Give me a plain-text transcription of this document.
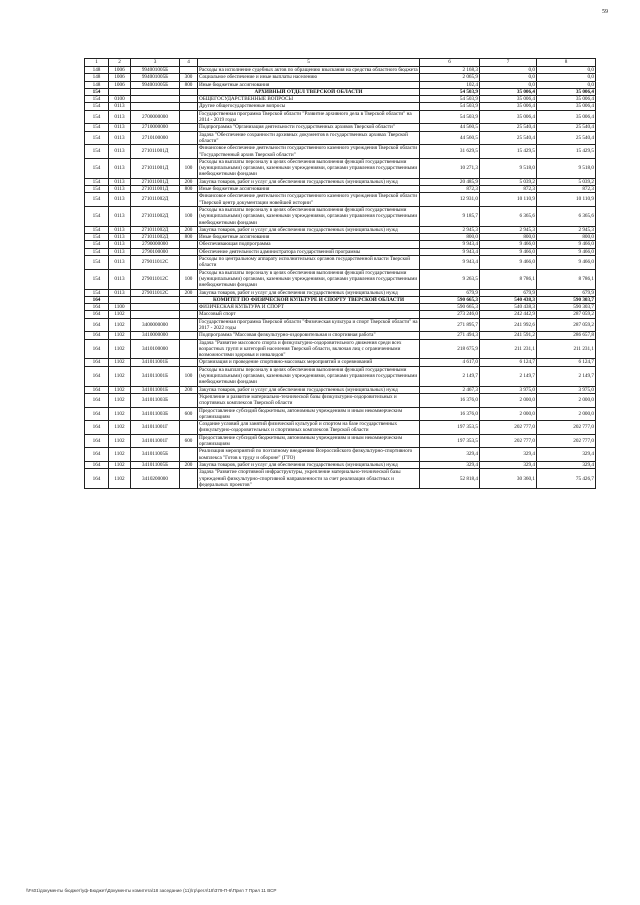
59
1	2	3	4	5	6	7	8
148	1006	994001005Б		Расходы на исполнение судебных актов по обращению взыскания на средства областного бюджета	2 168,3	0,0	0,0
148	1006	994001005Б	300	Социальное обеспечение и иные выплаты населению	2 065,9	0,0	0,0
148	1006	994001005Б	800	Иные бюджетные ассигнования	102,4	0,0	0,0
154				АРХИВНЫЙ ОТДЕЛ ТВЕРСКОЙ ОБЛАСТИ	54 503,9	35 006,4	35 006,4
154	0100			ОБЩЕГОСУДАРСТВЕННЫЕ ВОПРОСЫ	54 503,9	35 006,4	35 006,4
154	0113			Другие общегосударственные вопросы	54 503,9	35 006,4	35 006,4
154	0113	2700000000		Государственная программа Тверской области "Развитие архивного дела в Тверской области" на 2014 - 2019 годы	54 503,9	35 006,4	35 006,4
154	0113	2710000000		Подпрограмма "Организация деятельности государственных архивов Тверской области"	44 560,5	25 540,4	25 540,4
154	0113	2710100000		Задача "Обеспечение сохранности архивных документов в государственных архивах Тверской области"	44 560,5	25 540,4	25 540,4
154	0113	271011001Д		Финансовое обеспечение деятельности государственного казенного учреждения Тверской области "Государственный архив Тверской области"	31 629,5	15 429,5	15 429,5
154	0113	271011001Д	100	Расходы на выплаты персоналу в целях обеспечения выполнения функций государственными (муниципальными) органами, казенными учреждениями, органами управления государственными внебюджетными фондами	10 271,3	9 518,0	9 518,0
154	0113	271011001Д	200	Закупка товаров, работ и услуг для обеспечения государственных (муниципальных) нужд	20 485,9	5 039,2	5 039,2
154	0113	271011001Д	800	Иные бюджетные ассигнования	872,3	872,3	872,3
154	0113	271011002Д		Финансовое обеспечение деятельности государственного казенного учреждения Тверской области "Тверской центр документации новейшей истории"	12 931,0	10 110,9	10 110,9
154	0113	271011002Д	100	Расходы на выплаты персоналу в целях обеспечения выполнения функций государственными (муниципальными) органами, казенными учреждениями, органами управления государственными внебюджетными фондами	9 185,7	6 365,6	6 365,6
154	0113	271011002Д	200	Закупка товаров, работ и услуг для обеспечения государственных (муниципальных) нужд	2 945,3	2 945,3	2 945,3
154	0113	271011002Д	800	Иные бюджетные ассигнования	800,0	800,0	800,0
154	0113	2790000000		Обеспечивающая подпрограмма	9 943,4	9 466,0	9 466,0
154	0113	2790100000		Обеспечение деятельности администратора государственной программы	9 943,4	9 466,0	9 466,0
154	0113	279011012С		Расходы по центральному аппарату исполнительных органов государственной власти Тверской области	9 943,4	9 466,0	9 466,0
154	0113	279011012С	100	Расходы на выплаты персоналу в целях обеспечения выполнения функций государственными (муниципальными) органами, казенными учреждениями, органами управления государственными внебюджетными фондами	9 263,5	8 786,1	8 786,1
154	0113	279011012С	200	Закупка товаров, работ и услуг для обеспечения государственных (муниципальных) нужд	679,9	679,9	679,9
164				КОМИТЕТ ПО ФИЗИЧЕСКОЙ КУЛЬТУРЕ И СПОРТУ ТВЕРСКОЙ ОБЛАСТИ	590 665,3	540 438,3	590 303,7
164	1100			ФИЗИЧЕСКАЯ КУЛЬТУРА И СПОРТ	590 665,3	540 438,3	590 303,7
164	1102			Массовый спорт	273 246,0	242 442,9	287 059,2
164	1102	3400000000		Государственная программа Тверской области "Физическая культура и спорт Тверской области" на 2017 - 2022 годы	271 895,7	241 992,6	287 059,2
164	1102	3410000000		Подпрограмма "Массовая физкультурно-оздоровительная и спортивная работа"	271 494,3	241 591,2	286 657,8
164	1102	3410100000		Задача "Развитие массового спорта и физкультурно-оздоровительного движения среди всех возрастных групп и категорий населения Тверской области, включая лиц с ограниченными возможностями здоровья и инвалидов"	218 675,9	211 231,1	211 231,1
164	1102	341011001Б		Организация и проведение спортивно-массовых мероприятий и соревнований	4 617,0	6 124,7	6 124,7
164	1102	341011001Б	100	Расходы на выплаты персоналу в целях обеспечения выполнения функций государственными (муниципальными) органами, казенными учреждениями, органами управления государственными внебюджетными фондами	2 149,7	2 149,7	2 149,7
164	1102	341011001Б	200	Закупка товаров, работ и услуг для обеспечения государственных (муниципальных) нужд	2 467,3	3 975,0	3 975,0
164	1102	341011003Б		Укрепление и развитие материально-технической базы физкультурно-оздоровительных и спортивных комплексов Тверской области	16 376,0	2 000,0	2 000,0
164	1102	341011003Б	600	Предоставление субсидий бюджетным, автономным учреждениям и иным некоммерческим организациям	16 376,0	2 000,0	2 000,0
164	1102	341011001Г		Создание условий для занятий физической культурой и спортом на базе государственных физкультурно-оздоровительных и спортивных комплексов Тверской области	197 353,5	202 777,0	202 777,0
164	1102	341011001Г	600	Предоставление субсидий бюджетным, автономным учреждениям и иным некоммерческим организациям	197 353,5	202 777,0	202 777,0
164	1102	341011005Б		Реализация мероприятий по поэтапному внедрению Всероссийского физкультурно-спортивного комплекса "Готов к труду и обороне" (ГТО)	329,4	329,4	329,4
164	1102	341011005Б	200	Закупка товаров, работ и услуг для обеспечения государственных (муниципальных) нужд	329,4	329,4	329,4
164	1102	3410200000		Задача "Развитие спортивной инфраструктуры, укрепление материально-технической базы учреждений физкультурно-спортивной направленности за счет реализации областных и федеральных проектов"	52 818,4	30 360,1	75 426,7
\\Fs01\документы бюджет\уф-Бюджет\Документы комитета\18 заседание (11)\гр\регл\18\379-П-6\Прил 7 Прил 11 ВСР
